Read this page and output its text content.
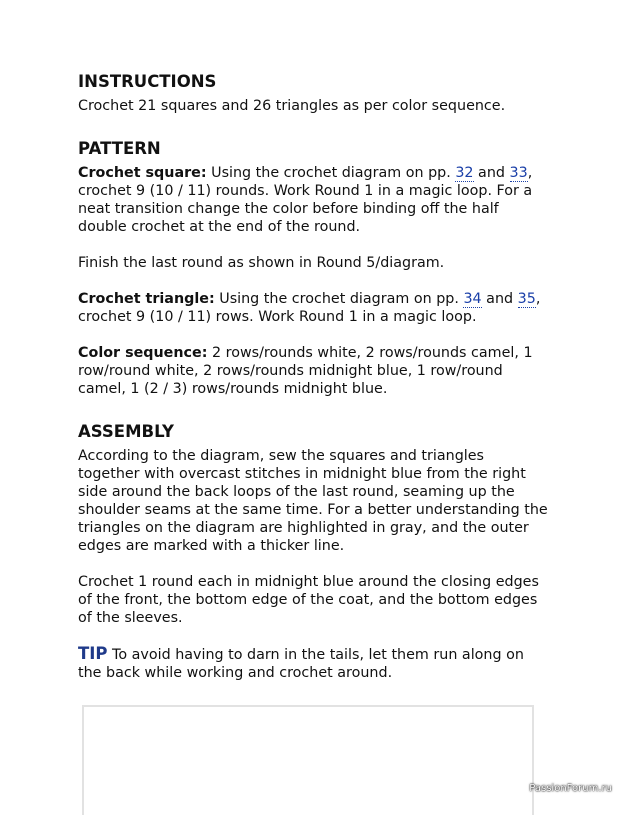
INSTRUCTIONS

Crochet 21 squares and 26 triangles as per color sequence.

PATTERN

Crochet square: Using the crochet diagram on pp. 32 and 33, crochet 9 (10 / 11) rounds. Work Round 1 in a magic loop. For a neat transition change the color before binding off the half double crochet at the end of the round.

Finish the last round as shown in Round 5/diagram.

Crochet triangle: Using the crochet diagram on pp. 34 and 35, crochet 9 (10 / 11) rows. Work Round 1 in a magic loop.

Color sequence: 2 rows/rounds white, 2 rows/rounds camel, 1 row/round white, 2 rows/rounds midnight blue, 1 row/round camel, 1 (2 / 3) rows/rounds midnight blue.

ASSEMBLY

According to the diagram, sew the squares and triangles together with overcast stitches in midnight blue from the right side around the back loops of the last round, seaming up the shoulder seams at the same time. For a better understanding the triangles on the diagram are highlighted in gray, and the outer edges are marked with a thicker line.

Crochet 1 round each in midnight blue around the closing edges of the front, the bottom edge of the coat, and the bottom edges of the sleeves.

TIP To avoid having to darn in the tails, let them run along on the back while working and crochet around.

PassionForum.ru
